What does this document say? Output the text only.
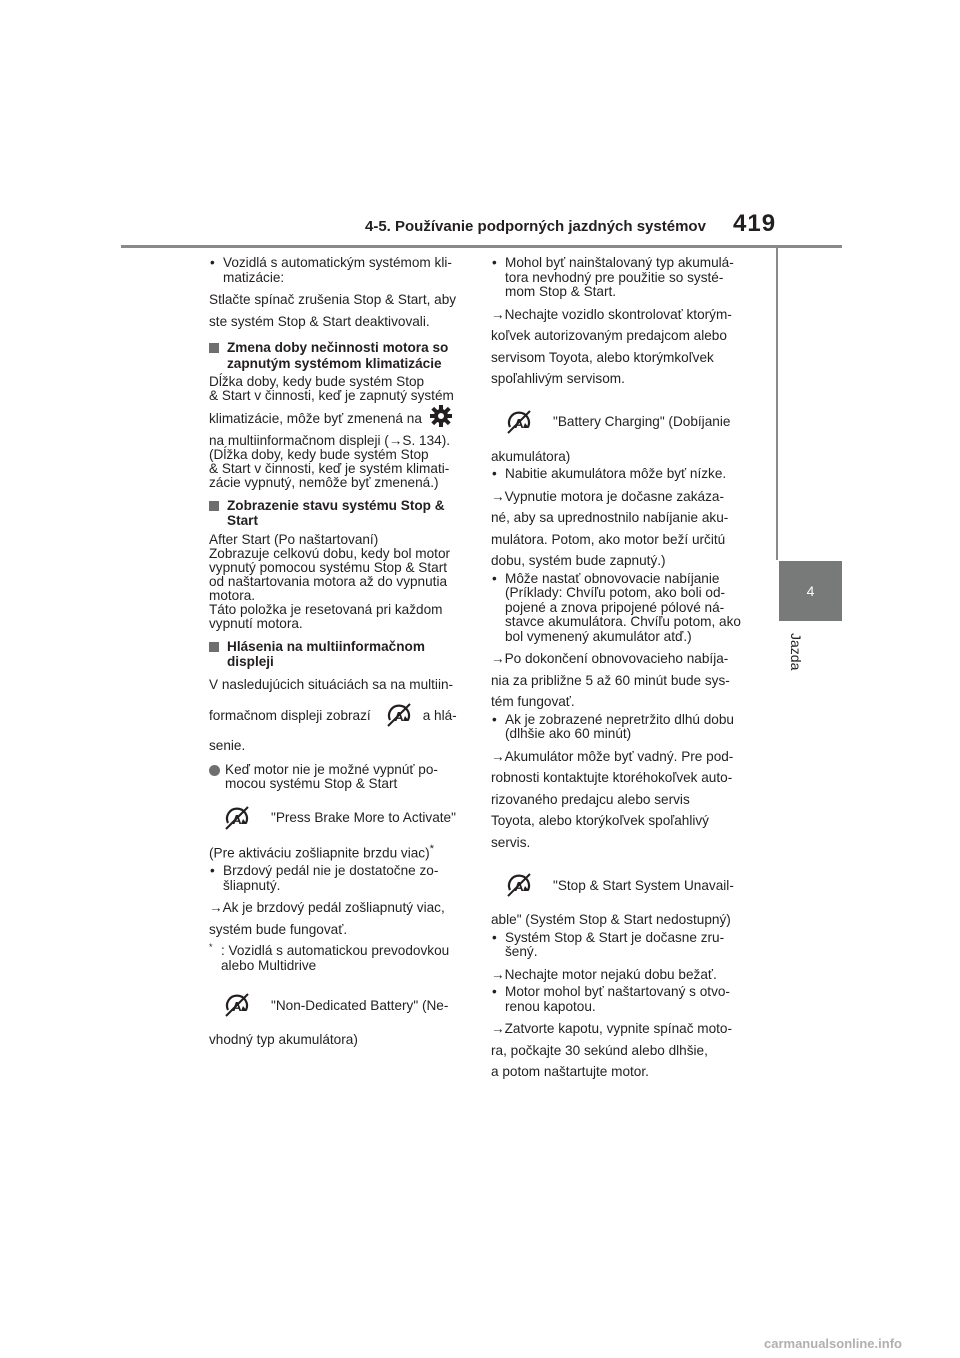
4-5. Používanie podporných jazdných systémov 419
4
Jazda
• Vozidlá s automatickým systémom kli- matizácie:

Stlačte spínač zrušenia Stop & Start, aby

ste systém Stop & Start deaktivovali.

Zmena doby nečinnosti motora so zapnutým systémom klimatizácie

Dĺžka doby, kedy bude systém Stop
& Start v činnosti, keď je zapnutý systém

klimatizácie, môže byť zmenená na

na multiinformačnom displeji (→S. 134).
(Dĺžka doby, kedy bude systém Stop
& Start v činnosti, keď je systém klimati-
zácie vypnutý, nemôže byť zmenená.)

Zobrazenie stavu systému Stop & Start

After Start (Po naštartovaní)
Zobrazuje celkovú dobu, kedy bol motor
vypnutý pomocou systému Stop & Start
od naštartovania motora až do vypnutia
motora.
Táto položka je resetovaná pri každom
vypnutí motora.

Hlásenia na multiinformačnom displeji

V nasledujúcich situáciách sa na multiin-

formačnom displeji zobrazí A a hlá-

senie.

Keď motor nie je možné vypnúť po- mocou systému Stop & Start
A "Press Brake More to Activate"

(Pre aktiváciu zošliapnite brzdu viac)*

• Brzdový pedál nie je dostatočne zo- šliapnutý.

→Ak je brzdový pedál zošliapnutý viac,

systém bude fungovať.

* : Vozidlá s automatickou prevodovkou alebo Multidrive
A "Non-Dedicated Battery" (Ne-

vhodný typ akumulátora)

• Mohol byť nainštalovaný typ akumulá- tora nevhodný pre použitie so systé- mom Stop & Start.

→Nechajte vozidlo skontrolovať ktorým-

koľvek autorizovaným predajcom alebo

servisom Toyota, alebo ktorýmkoľvek

spoľahlivým servisom.

A "Battery Charging" (Dobíjanie

akumulátora)

• Nabitie akumulátora môže byť nízke.

→Vypnutie motora je dočasne zakáza-

né, aby sa uprednostnilo nabíjanie aku-

mulátora. Potom, ako motor beží určitú

dobu, systém bude zapnutý.)

• Môže nastať obnovovacie nabíjanie (Príklady: Chvíľu potom, ako boli od- pojené a znova pripojené pólové ná- stavce akumulátora. Chvíľu potom, ako bol vymenený akumulátor atď.)

→Po dokončení obnovovacieho nabíja-

nia za približne 5 až 60 minút bude sys-

tém fungovať.

• Ak je zobrazené nepretržito dlhú dobu (dlhšie ako 60 minút)

→Akumulátor môže byť vadný. Pre pod-

robnosti kontaktujte ktoréhokoľvek auto-

rizovaného predajcu alebo servis

Toyota, alebo ktorýkoľvek spoľahlivý

servis.

A "Stop & Start System Unavail-

able" (Systém Stop & Start nedostupný)

• Systém Stop & Start je dočasne zru- šený.

→Nechajte motor nejakú dobu bežať.

• Motor mohol byť naštartovaný s otvo- renou kapotou.

→Zatvorte kapotu, vypnite spínač moto-

ra, počkajte 30 sekúnd alebo dlhšie,

a potom naštartujte motor.

carmanualsonline.info
